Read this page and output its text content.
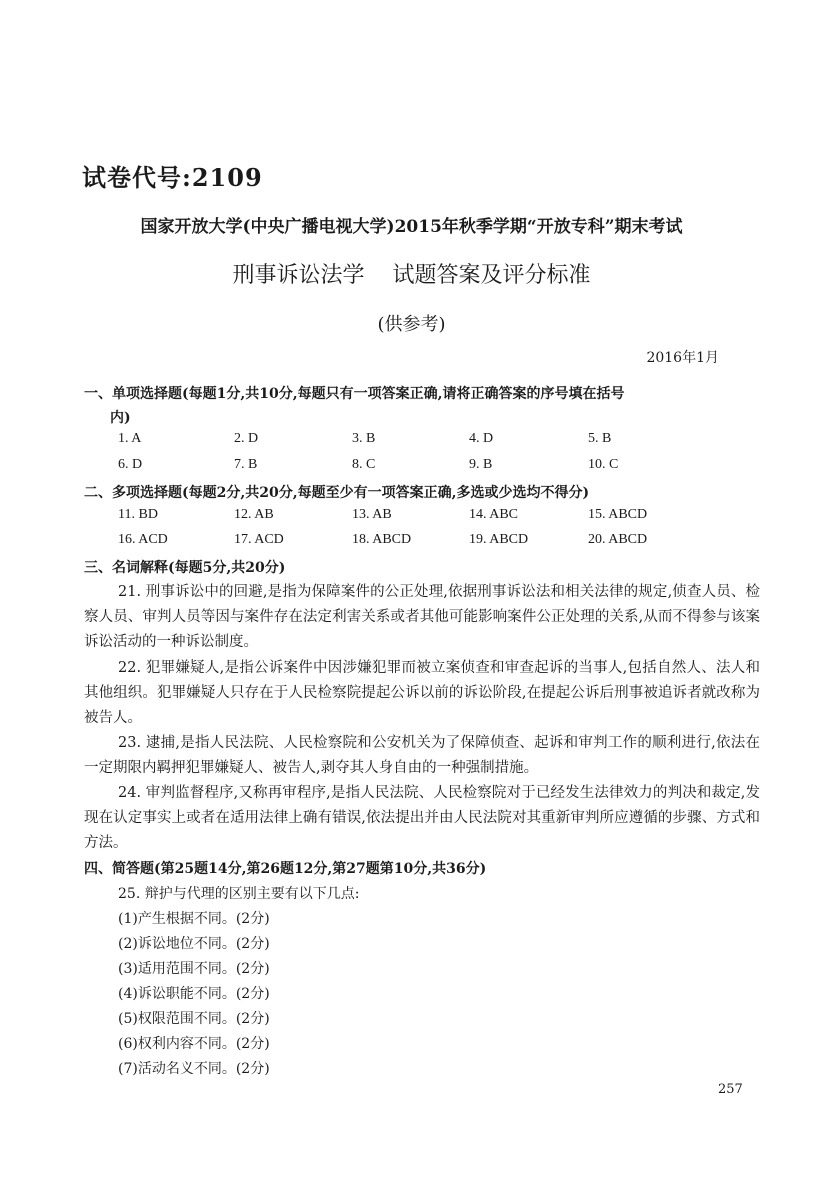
试卷代号:2109
国家开放大学(中央广播电视大学)2015年秋季学期“开放专科”期末考试
刑事诉讼法学    试题答案及评分标准
(供参考)
2016年1月
一、单项选择题(每题1分,共10分,每题只有一项答案正确,请将正确答案的序号填在括号
内)
1. A	2. D	3. B	4. D	5. B
6. D	7. B	8. C	9. B	10. C
二、多项选择题(每题2分,共20分,每题至少有一项答案正确,多选或少选均不得分)
11. BD	12. AB	13. AB	14. ABC	15. ABCD
16. ACD	17. ACD	18. ABCD	19. ABCD	20. ABCD
三、名词解释(每题5分,共20分)
21. 刑事诉讼中的回避,是指为保障案件的公正处理,依据刑事诉讼法和相关法律的规定,侦查人员、检察人员、审判人员等因与案件存在法定利害关系或者其他可能影响案件公正处理的关系,从而不得参与该案诉讼活动的一种诉讼制度。
22. 犯罪嫌疑人,是指公诉案件中因涉嫌犯罪而被立案侦查和审查起诉的当事人,包括自然人、法人和其他组织。犯罪嫌疑人只存在于人民检察院提起公诉以前的诉讼阶段,在提起公诉后刑事被追诉者就改称为被告人。
23. 逮捕,是指人民法院、人民检察院和公安机关为了保障侦查、起诉和审判工作的顺利进行,依法在一定期限内羁押犯罪嫌疑人、被告人,剥夺其人身自由的一种强制措施。
24. 审判监督程序,又称再审程序,是指人民法院、人民检察院对于已经发生法律效力的判决和裁定,发现在认定事实上或者在适用法律上确有错误,依法提出并由人民法院对其重新审判所应遵循的步骤、方式和方法。
四、简答题(第25题14分,第26题12分,第27题第10分,共36分)
25. 辩护与代理的区别主要有以下几点:
(1)产生根据不同。(2分)
(2)诉讼地位不同。(2分)
(3)适用范围不同。(2分)
(4)诉讼职能不同。(2分)
(5)权限范围不同。(2分)
(6)权利内容不同。(2分)
(7)活动名义不同。(2分)
257
